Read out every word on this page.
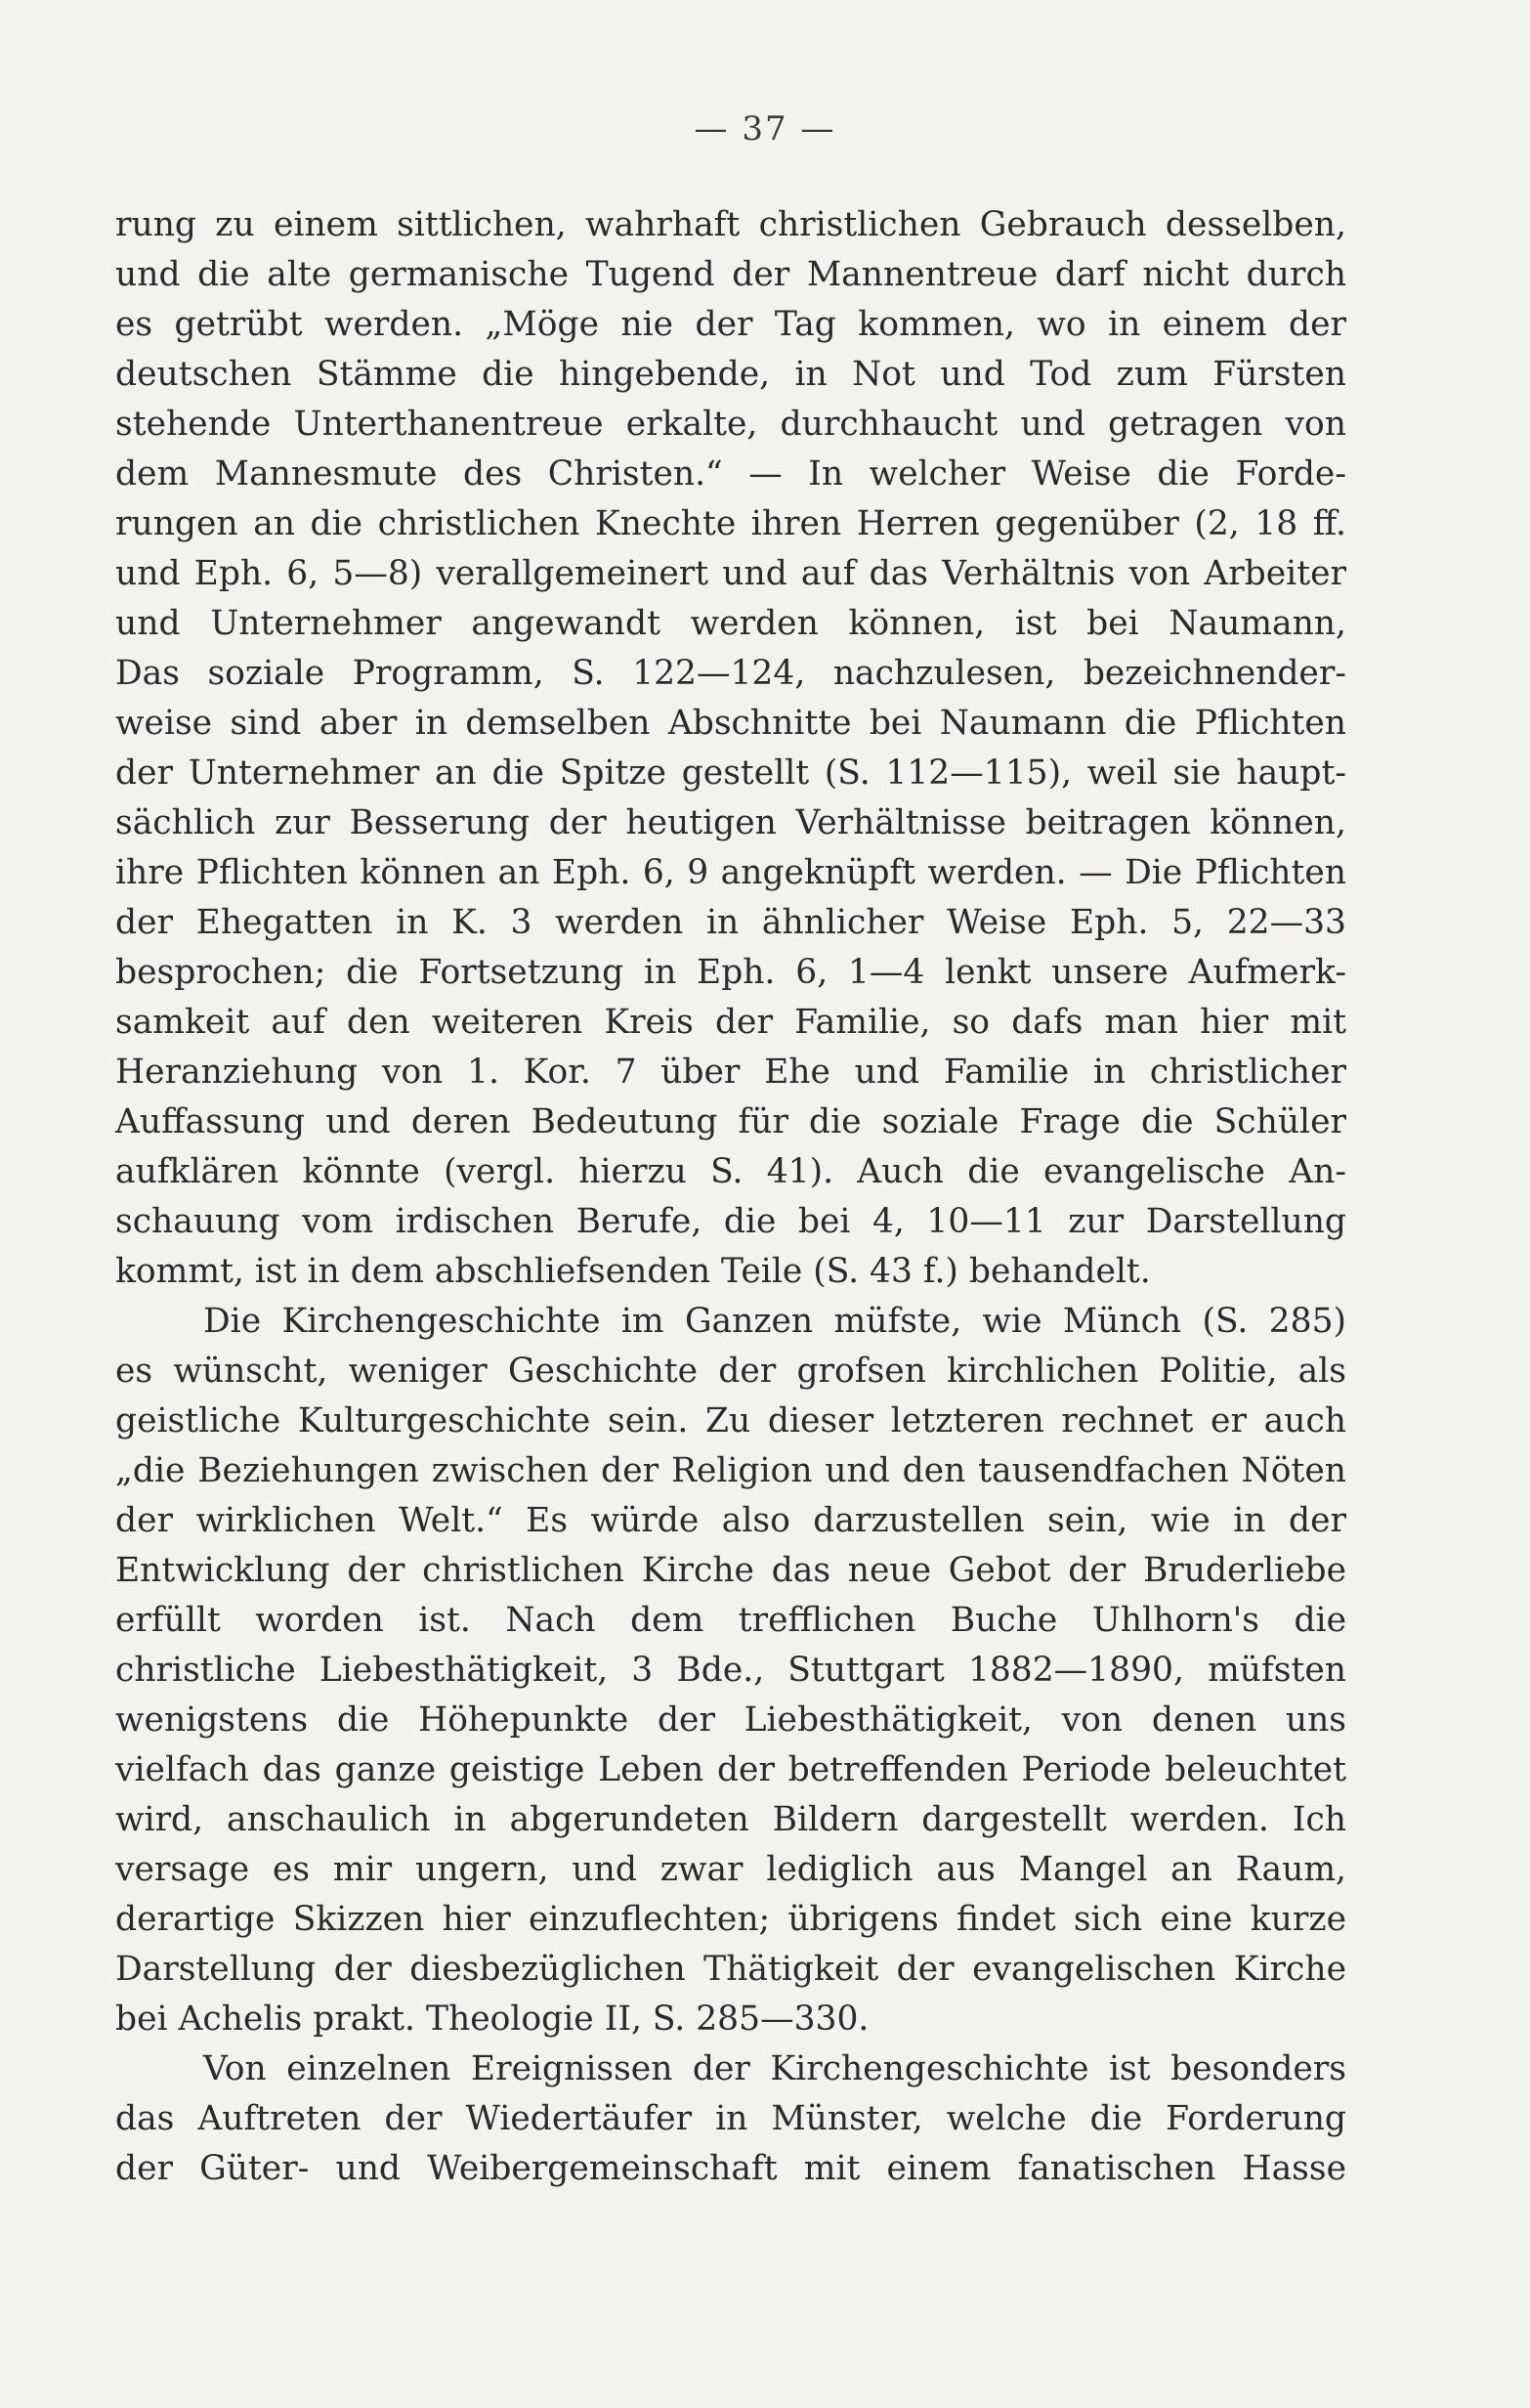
— 37 —
rung zu einem sittlichen, wahrhaft christlichen Gebrauch desselben,
und die alte germanische Tugend der Mannentreue darf nicht durch
es getrübt werden. „Möge nie der Tag kommen, wo in einem der
deutschen Stämme die hingebende, in Not und Tod zum Fürsten
stehende Unterthanentreue erkalte, durchhaucht und getragen von
dem Mannesmute des Christen.“ — In welcher Weise die Forde-
rungen an die christlichen Knechte ihren Herren gegenüber (2, 18 ff.
und Eph. 6, 5—8) verallgemeinert und auf das Verhältnis von Arbeiter
und Unternehmer angewandt werden können, ist bei Naumann,
Das soziale Programm, S. 122—124, nachzulesen, bezeichnender-
weise sind aber in demselben Abschnitte bei Naumann die Pflichten
der Unternehmer an die Spitze gestellt (S. 112—115), weil sie haupt-
sächlich zur Besserung der heutigen Verhältnisse beitragen können,
ihre Pflichten können an Eph. 6, 9 angeknüpft werden. — Die Pflichten
der Ehegatten in K. 3 werden in ähnlicher Weise Eph. 5, 22—33
besprochen; die Fortsetzung in Eph. 6, 1—4 lenkt unsere Aufmerk-
samkeit auf den weiteren Kreis der Familie, so dafs man hier mit
Heranziehung von 1. Kor. 7 über Ehe und Familie in christlicher
Auffassung und deren Bedeutung für die soziale Frage die Schüler
aufklären könnte (vergl. hierzu S. 41). Auch die evangelische An-
schauung vom irdischen Berufe, die bei 4, 10—11 zur Darstellung
kommt, ist in dem abschliefsenden Teile (S. 43 f.) behandelt.
Die Kirchengeschichte im Ganzen müfste, wie Münch (S. 285)
es wünscht, weniger Geschichte der grofsen kirchlichen Politie, als
geistliche Kulturgeschichte sein. Zu dieser letzteren rechnet er auch
„die Beziehungen zwischen der Religion und den tausendfachen Nöten
der wirklichen Welt.“ Es würde also darzustellen sein, wie in der
Entwicklung der christlichen Kirche das neue Gebot der Bruderliebe
erfüllt worden ist. Nach dem trefflichen Buche Uhlhorn's die
christliche Liebesthätigkeit, 3 Bde., Stuttgart 1882—1890, müfsten
wenigstens die Höhepunkte der Liebesthätigkeit, von denen uns
vielfach das ganze geistige Leben der betreffenden Periode beleuchtet
wird, anschaulich in abgerundeten Bildern dargestellt werden. Ich
versage es mir ungern, und zwar lediglich aus Mangel an Raum,
derartige Skizzen hier einzuflechten; übrigens findet sich eine kurze
Darstellung der diesbezüglichen Thätigkeit der evangelischen Kirche
bei Achelis prakt. Theologie II, S. 285—330.
Von einzelnen Ereignissen der Kirchengeschichte ist besonders
das Auftreten der Wiedertäufer in Münster, welche die Forderung
der Güter- und Weibergemeinschaft mit einem fanatischen Hasse
